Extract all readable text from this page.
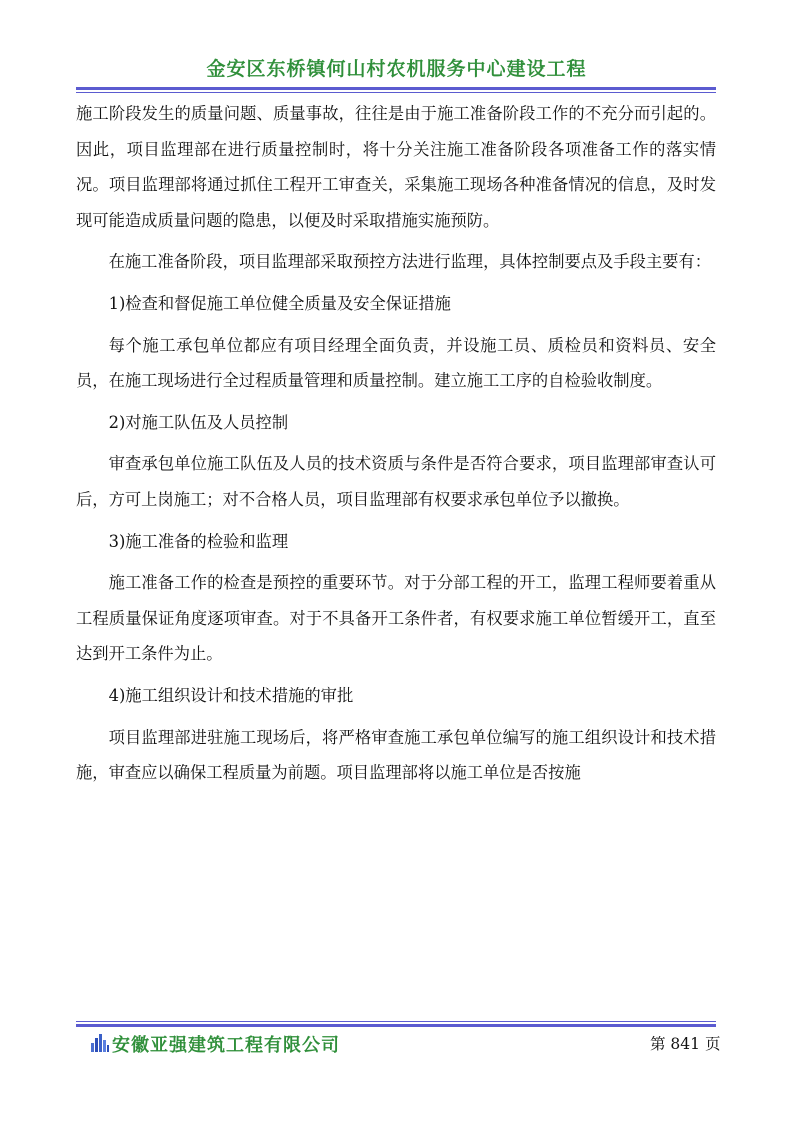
金安区东桥镇何山村农机服务中心建设工程

施工阶段发生的质量问题、质量事故，往往是由于施工准备阶段工作的不充分而引起的。因此，项目监理部在进行质量控制时，将十分关注施工准备阶段各项准备工作的落实情况。项目监理部将通过抓住工程开工审查关，采集施工现场各种准备情况的信息，及时发现可能造成质量问题的隐患，以便及时采取措施实施预防。

在施工准备阶段，项目监理部采取预控方法进行监理，具体控制要点及手段主要有：

1)检查和督促施工单位健全质量及安全保证措施

每个施工承包单位都应有项目经理全面负责，并设施工员、质检员和资料员、安全员，在施工现场进行全过程质量管理和质量控制。建立施工工序的自检验收制度。

2)对施工队伍及人员控制

审查承包单位施工队伍及人员的技术资质与条件是否符合要求，项目监理部审查认可后，方可上岗施工；对不合格人员，项目监理部有权要求承包单位予以撤换。

3)施工准备的检验和监理

施工准备工作的检查是预控的重要环节。对于分部工程的开工，监理工程师要着重从工程质量保证角度逐项审查。对于不具备开工条件者，有权要求施工单位暂缓开工，直至达到开工条件为止。

4)施工组织设计和技术措施的审批

项目监理部进驻施工现场后，将严格审查施工承包单位编写的施工组织设计和技术措施，审查应以确保工程质量为前题。项目监理部将以施工单位是否按施

安徽亚强建筑工程有限公司	第 841 页
